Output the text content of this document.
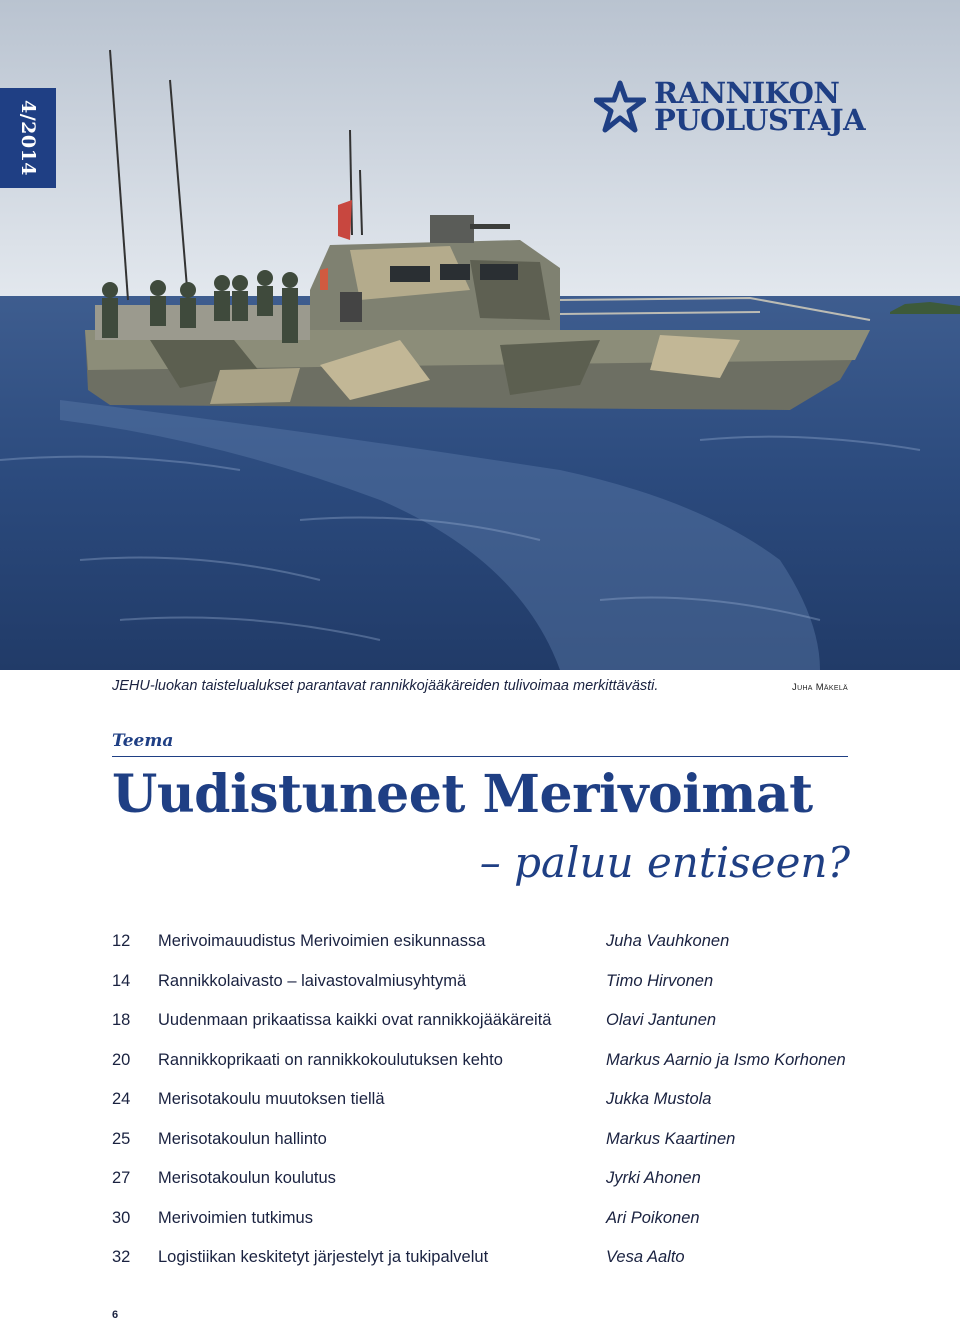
4/2014
RANNIKON
PUOLUSTAJA
JEHU-luokan taistelualukset parantavat rannikkojääkäreiden tulivoimaa merkittävästi.	Juha Mäkelä
Teema
Uudistuneet Merivoimat
– paluu entiseen?
12	Merivoimauudistus Merivoimien esikunnassa	Juha Vauhkonen
14	Rannikkolaivasto – laivastovalmiusyhtymä	Timo Hirvonen
18	Uudenmaan prikaatissa kaikki ovat rannikkojääkäreitä	Olavi Jantunen
20	Rannikkoprikaati on rannikkokoulutuksen kehto	Markus Aarnio ja Ismo Korhonen
24	Merisotakoulu muutoksen tiellä	Jukka Mustola
25	Merisotakoulun hallinto	Markus Kaartinen
27	Merisotakoulun koulutus	Jyrki Ahonen
30	Merivoimien tutkimus	Ari Poikonen
32	Logistiikan keskitetyt järjestelyt ja tukipalvelut	Vesa Aalto
6
